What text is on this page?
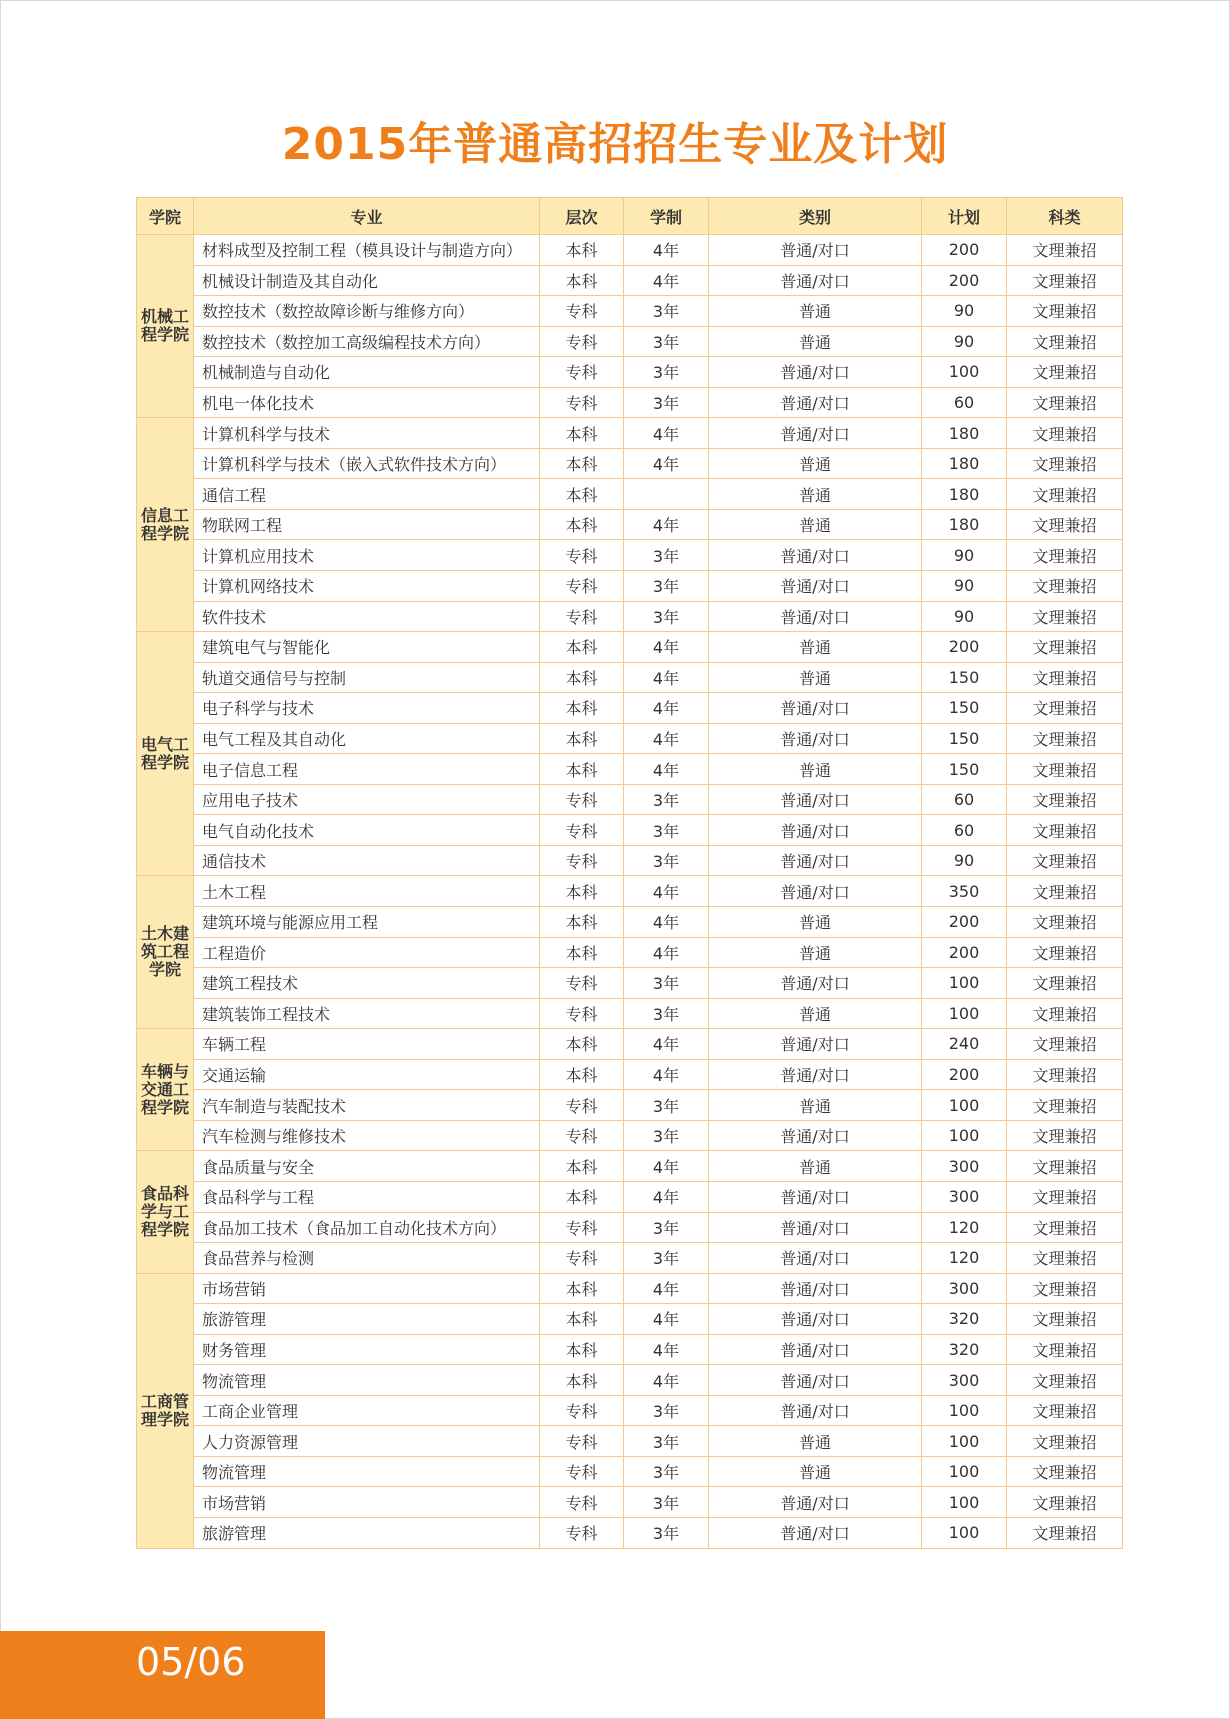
2015年普通高招招生专业及计划
学院	专业	层次	学制	类别	计划	科类
机械工程学院	材料成型及控制工程（模具设计与制造方向）	本科	4年	普通/对口	200	文理兼招
	机械设计制造及其自动化	本科	4年	普通/对口	200	文理兼招
	数控技术（数控故障诊断与维修方向）	专科	3年	普通	90	文理兼招
	数控技术（数控加工高级编程技术方向）	专科	3年	普通	90	文理兼招
	机械制造与自动化	专科	3年	普通/对口	100	文理兼招
	机电一体化技术	专科	3年	普通/对口	60	文理兼招
信息工程学院	计算机科学与技术	本科	4年	普通/对口	180	文理兼招
	计算机科学与技术（嵌入式软件技术方向）	本科	4年	普通	180	文理兼招
	通信工程	本科		普通	180	文理兼招
	物联网工程	本科	4年	普通	180	文理兼招
	计算机应用技术	专科	3年	普通/对口	90	文理兼招
	计算机网络技术	专科	3年	普通/对口	90	文理兼招
	软件技术	专科	3年	普通/对口	90	文理兼招
电气工程学院	建筑电气与智能化	本科	4年	普通	200	文理兼招
	轨道交通信号与控制	本科	4年	普通	150	文理兼招
	电子科学与技术	本科	4年	普通/对口	150	文理兼招
	电气工程及其自动化	本科	4年	普通/对口	150	文理兼招
	电子信息工程	本科	4年	普通	150	文理兼招
	应用电子技术	专科	3年	普通/对口	60	文理兼招
	电气自动化技术	专科	3年	普通/对口	60	文理兼招
	通信技术	专科	3年	普通/对口	90	文理兼招
土木建筑工程学院	土木工程	本科	4年	普通/对口	350	文理兼招
	建筑环境与能源应用工程	本科	4年	普通	200	文理兼招
	工程造价	本科	4年	普通	200	文理兼招
	建筑工程技术	专科	3年	普通/对口	100	文理兼招
	建筑装饰工程技术	专科	3年	普通	100	文理兼招
车辆与交通工程学院	车辆工程	本科	4年	普通/对口	240	文理兼招
	交通运输	本科	4年	普通/对口	200	文理兼招
	汽车制造与装配技术	专科	3年	普通	100	文理兼招
	汽车检测与维修技术	专科	3年	普通/对口	100	文理兼招
食品科学与工程学院	食品质量与安全	本科	4年	普通	300	文理兼招
	食品科学与工程	本科	4年	普通/对口	300	文理兼招
	食品加工技术（食品加工自动化技术方向）	专科	3年	普通/对口	120	文理兼招
	食品营养与检测	专科	3年	普通/对口	120	文理兼招
工商管理学院	市场营销	本科	4年	普通/对口	300	文理兼招
	旅游管理	本科	4年	普通/对口	320	文理兼招
	财务管理	本科	4年	普通/对口	320	文理兼招
	物流管理	本科	4年	普通/对口	300	文理兼招
	工商企业管理	专科	3年	普通/对口	100	文理兼招
	人力资源管理	专科	3年	普通	100	文理兼招
	物流管理	专科	3年	普通	100	文理兼招
	市场营销	专科	3年	普通/对口	100	文理兼招
	旅游管理	专科	3年	普通/对口	100	文理兼招
05/06
